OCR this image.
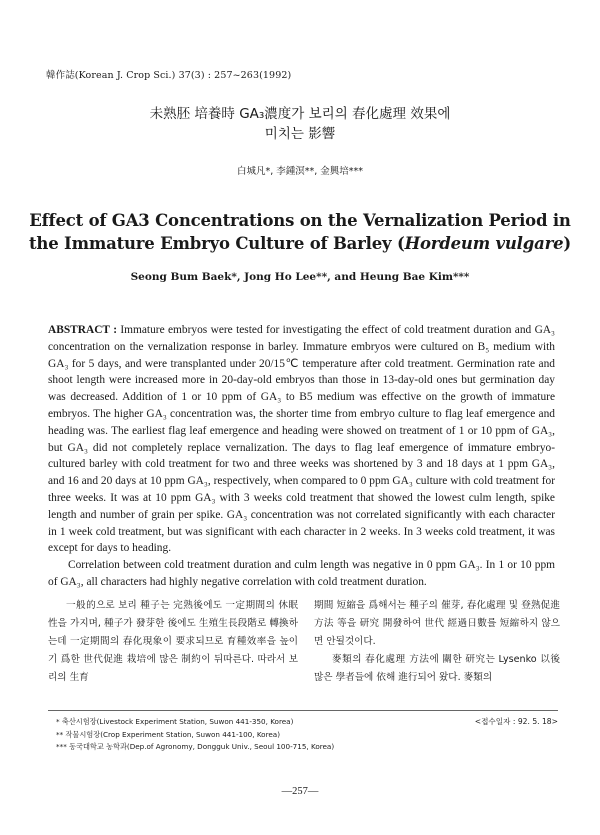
韓作誌(Korean J. Crop Sci.) 37(3) : 257~263(1992)
未熟胚 培養時 GA₃濃度가 보리의 春化處理 效果에
미치는 影響
白城凡*, 李鍾溟**, 金興培***
Effect of GA3 Concentrations on the Vernalization Period in
the Immature Embryo Culture of Barley (Hordeum vulgare)
Seong Bum Baek*, Jong Ho Lee**, and Heung Bae Kim***

ABSTRACT : Immature embryos were tested for investigating the effect of cold treatment duration and GA₃ concentration on the vernalization response in barley. Immature embryos were cultured on B₅ medium with GA₃ for 5 days, and were transplanted under 20/15℃ temperature after cold treatment. Germination rate and shoot length were increased more in 20-day-old embryos than those in 13-day-old ones but germination day was decreased. Addition of 1 or 10 ppm of GA₃ to B5 medium was effective on the growth of immature embryos. The higher GA₃ concentration was, the shorter time from embryo culture to flag leaf emergence and heading was. The earliest flag leaf emergence and heading were showed on treatment of 1 or 10 ppm of GA₃, but GA₃ did not completely replace vernalization. The days to flag leaf emergence of immature embryo-cultured barley with cold treatment for two and three weeks was shortened by 3 and 18 days at 1 ppm GA₃, and 16 and 20 days at 10 ppm GA₃, respectively, when compared to 0 ppm GA₃ culture with cold treatment for three weeks. It was at 10 ppm GA₃ with 3 weeks cold treatment that showed the lowest culm length, spike length and number of grain per spike. GA₃ concentration was not correlated significantly with each character in 1 week cold treatment, but was significant with each character in 2 weeks. In 3 weeks cold treatment, it was except for days to heading.

Correlation between cold treatment duration and culm length was negative in 0 ppm GA₃. In 1 or 10 ppm of GA₃, all characters had highly negative correlation with cold treatment duration.

一般的으로 보리 種子는 完熟後에도 一定期間의 休眠性을 가지며, 種子가 發芽한 後에도 生殖生長段階로 轉換하는데 一定期間의 春化現象이 要求되므로 育種效率을 높이기 爲한 世代促進 栽培에 많은 制約이 뒤따른다. 따라서 보리의 生育

期間 短縮을 爲해서는 種子의 催芽, 春化處理 및 登熟促進 方法 等을 研究 開發하여 世代 經過日數를 短縮하지 않으면 안될것이다.

麥類의 春化處理 方法에 關한 研究는 Lysenko 以後 많은 學者들에 依해 進行되어 왔다. 麥類의

* 축산시험장(Livestock Experiment Station, Suwon 441-350, Korea)
** 작물시험장(Crop Experiment Station, Suwon 441-100, Korea)
*** 동국대학교 농학과(Dep.of Agronomy, Dongguk Univ., Seoul 100-715, Korea)
<접수일자 : 92. 5. 18>
—257—
